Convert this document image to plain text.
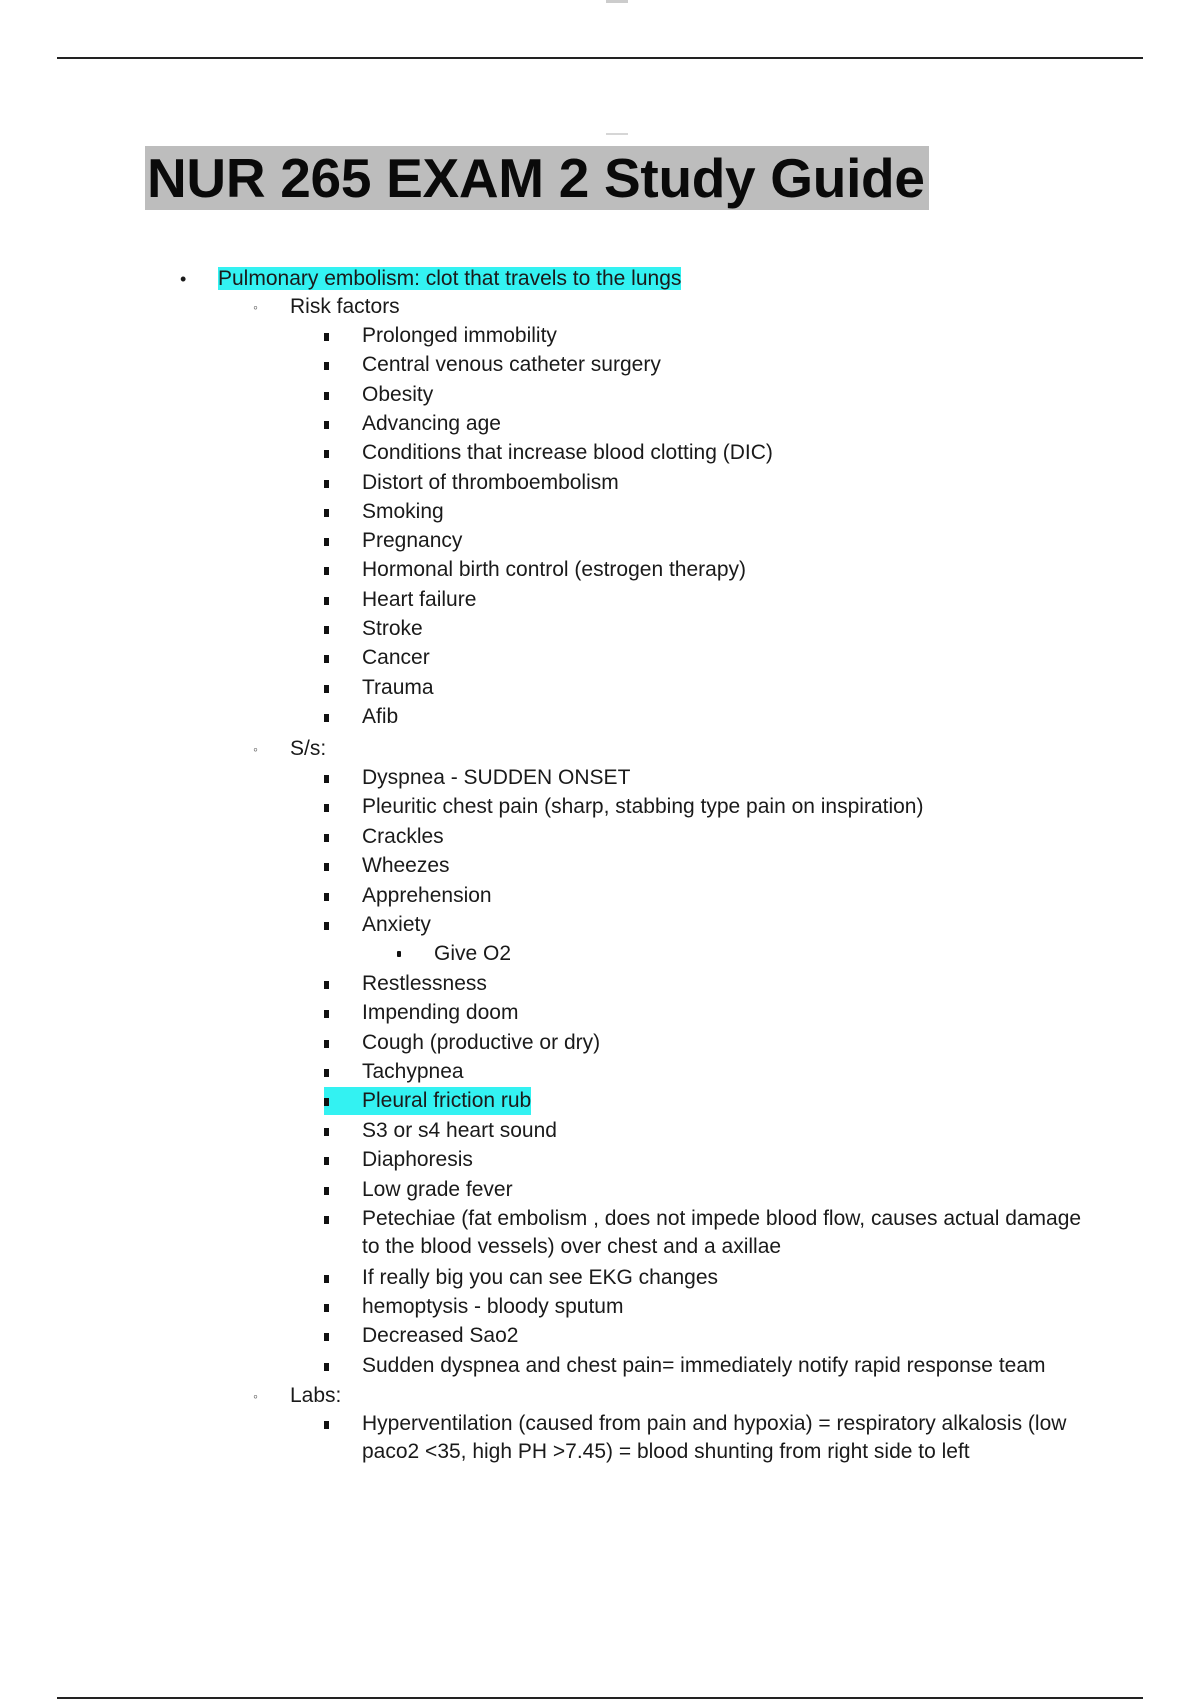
NUR 265 EXAM 2 Study Guide
• Pulmonary embolism: clot that travels to the lungs
◦ Risk factors
Prolonged immobility
Central venous catheter surgery
Obesity
Advancing age
Conditions that increase blood clotting (DIC)
Distort of thromboembolism
Smoking
Pregnancy
Hormonal birth control (estrogen therapy)
Heart failure
Stroke
Cancer
Trauma
Afib
◦ S/s:
Dyspnea - SUDDEN ONSET
Pleuritic chest pain (sharp, stabbing type pain on inspiration)
Crackles
Wheezes
Apprehension
Anxiety
Give O2
Restlessness
Impending doom
Cough (productive or dry)
Tachypnea
Pleural friction rub
S3 or s4 heart sound
Diaphoresis
Low grade fever
Petechiae (fat embolism , does not impede blood flow, causes actual damage to the blood vessels) over chest and a axillae
If really big you can see EKG changes
hemoptysis - bloody sputum
Decreased Sao2
Sudden dyspnea and chest pain= immediately notify rapid response team
◦ Labs:
Hyperventilation (caused from pain and hypoxia) = respiratory alkalosis (low paco2 <35, high PH >7.45) = blood shunting from right side to left
